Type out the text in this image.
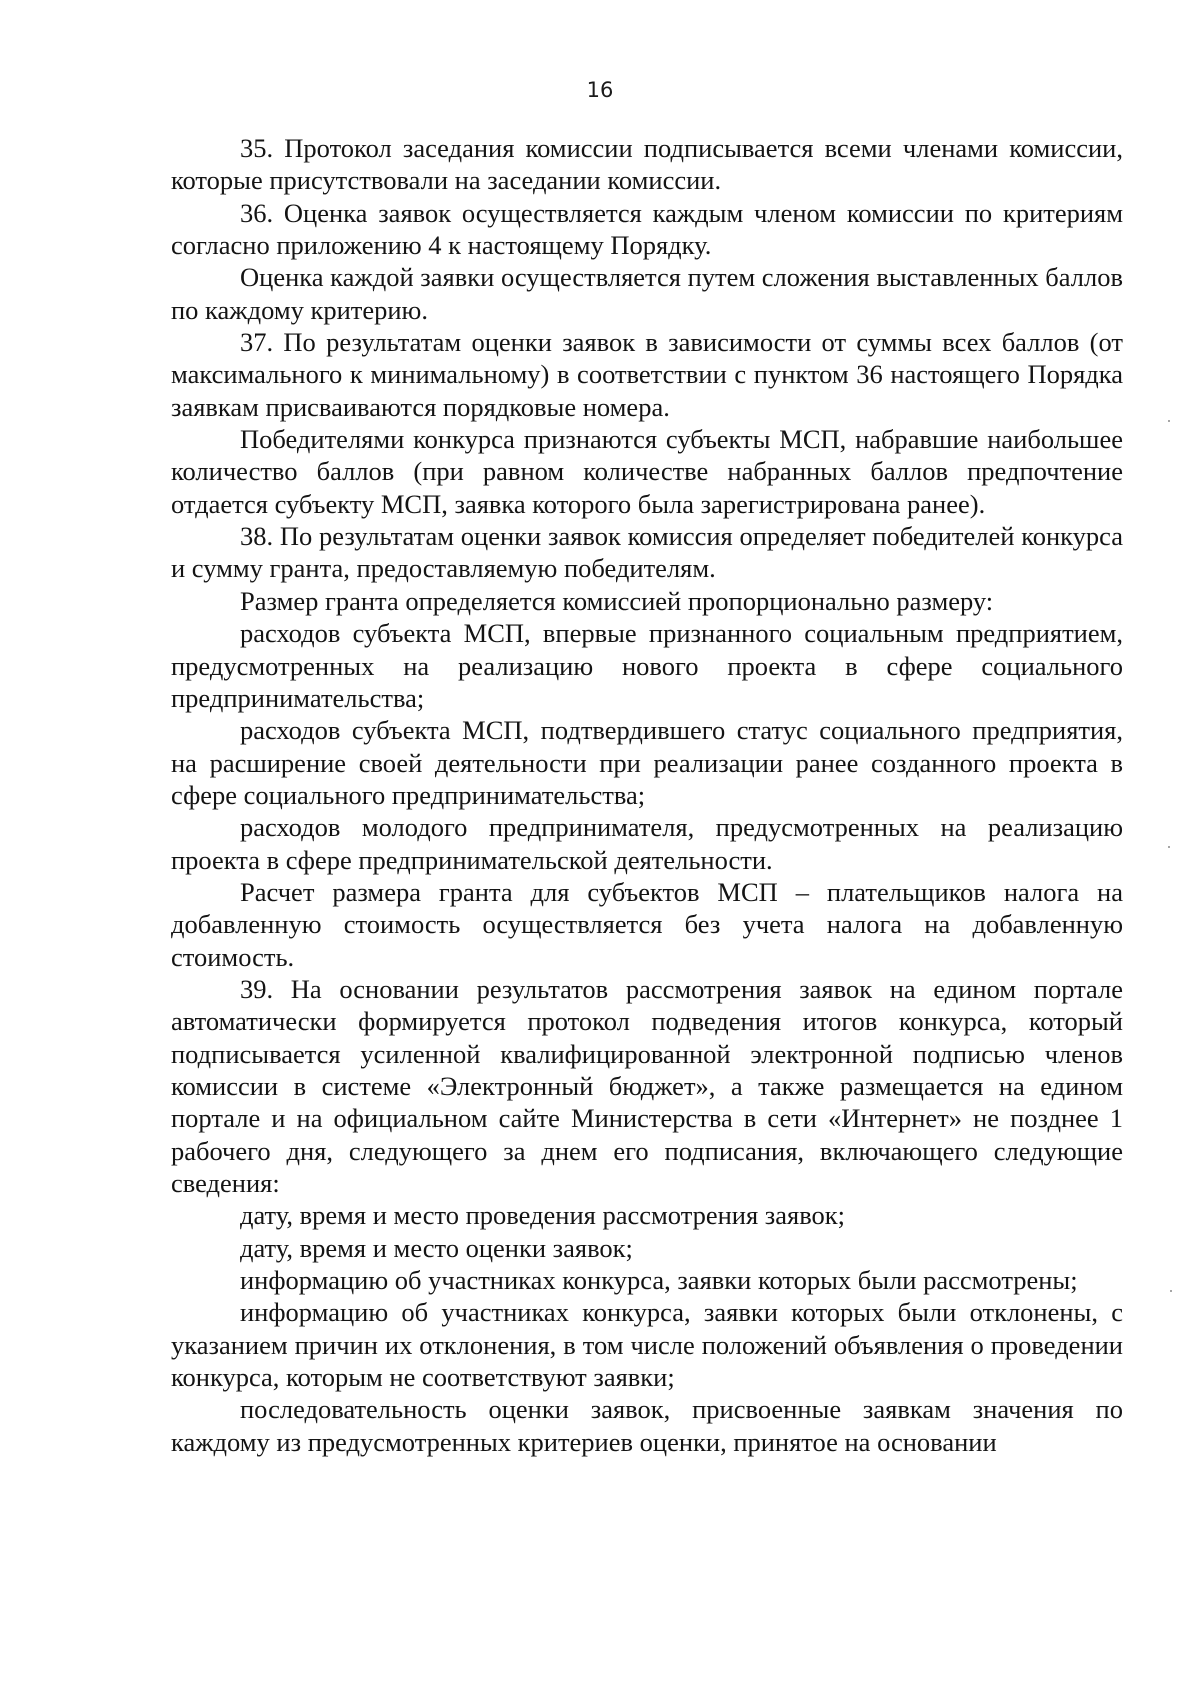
16

35. Протокол заседания комиссии подписывается всеми членами комиссии, которые присутствовали на заседании комиссии.

36. Оценка заявок осуществляется каждым членом комиссии по критериям согласно приложению 4 к настоящему Порядку.

Оценка каждой заявки осуществляется путем сложения выставленных баллов по каждому критерию.

37. По результатам оценки заявок в зависимости от суммы всех баллов (от максимального к минимальному) в соответствии с пунктом 36 настоящего Порядка заявкам присваиваются порядковые номера.

Победителями конкурса признаются субъекты МСП, набравшие наибольшее количество баллов (при равном количестве набранных баллов предпочтение отдается субъекту МСП, заявка которого была зарегистрирована ранее).

38. По результатам оценки заявок комиссия определяет победителей конкурса и сумму гранта, предоставляемую победителям.

Размер гранта определяется комиссией пропорционально размеру:

расходов субъекта МСП, впервые признанного социальным предприятием, предусмотренных на реализацию нового проекта в сфере социального предпринимательства;

расходов субъекта МСП, подтвердившего статус социального предприятия, на расширение своей деятельности при реализации ранее созданного проекта в сфере социального предпринимательства;

расходов молодого предпринимателя, предусмотренных на реализацию проекта в сфере предпринимательской деятельности.

Расчет размера гранта для субъектов МСП – плательщиков налога на добавленную стоимость осуществляется без учета налога на добавленную стоимость.

39. На основании результатов рассмотрения заявок на едином портале автоматически формируется протокол подведения итогов конкурса, который подписывается усиленной квалифицированной электронной подписью членов комиссии в системе «Электронный бюджет», а также размещается на едином портале и на официальном сайте Министерства в сети «Интернет» не позднее 1 рабочего дня, следующего за днем его подписания, включающего следующие сведения:

дату, время и место проведения рассмотрения заявок;

дату, время и место оценки заявок;

информацию об участниках конкурса, заявки которых были рассмотрены;

информацию об участниках конкурса, заявки которых были отклонены, с указанием причин их отклонения, в том числе положений объявления о проведении конкурса, которым не соответствуют заявки;

последовательность оценки заявок, присвоенные заявкам значения по каждому из предусмотренных критериев оценки, принятое на основании
